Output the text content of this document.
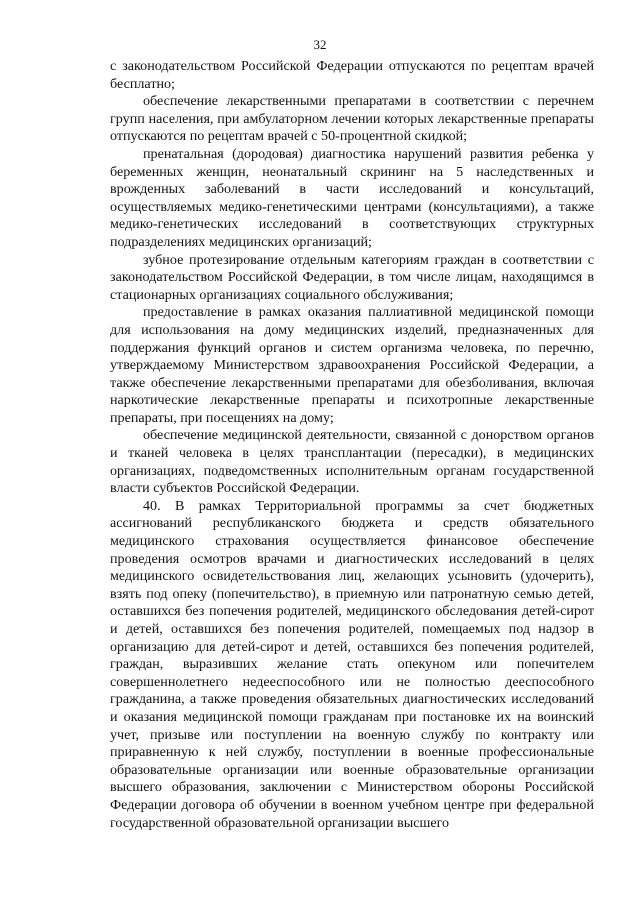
32

с законодательством Российской Федерации отпускаются по рецептам врачей бесплатно;

обеспечение лекарственными препаратами в соответствии с перечнем групп населения, при амбулаторном лечении которых лекарственные препараты отпускаются по рецептам врачей с 50-процентной скидкой;

пренатальная (дородовая) диагностика нарушений развития ребенка у беременных женщин, неонатальный скрининг на 5 наследственных и врожденных заболеваний в части исследований и консультаций, осуществляемых медико-генетическими центрами (консультациями), а также медико-генетических исследований в соответствующих структурных подразделениях медицинских организаций;

зубное протезирование отдельным категориям граждан в соответствии с законодательством Российской Федерации, в том числе лицам, находящимся в стационарных организациях социального обслуживания;

предоставление в рамках оказания паллиативной медицинской помощи для использования на дому медицинских изделий, предназначенных для поддержания функций органов и систем организма человека, по перечню, утверждаемому Министерством здравоохранения Российской Федерации, а также обеспечение лекарственными препаратами для обезболивания, включая наркотические лекарственные препараты и психотропные лекарственные препараты, при посещениях на дому;

обеспечение медицинской деятельности, связанной с донорством органов и тканей человека в целях трансплантации (пересадки), в медицинских организациях, подведомственных исполнительным органам государственной власти субъектов Российской Федерации.

40. В рамках Территориальной программы за счет бюджетных ассигнований республиканского бюджета и средств обязательного медицинского страхования осуществляется финансовое обеспечение проведения осмотров врачами и диагностических исследований в целях медицинского освидетельствования лиц, желающих усыновить (удочерить), взять под опеку (попечительство), в приемную или патронатную семью детей, оставшихся без попечения родителей, медицинского обследования детей-сирот и детей, оставшихся без попечения родителей, помещаемых под надзор в организацию для детей-сирот и детей, оставшихся без попечения родителей, граждан, выразивших желание стать опекуном или попечителем совершеннолетнего недееспособного или не полностью дееспособного гражданина, а также проведения обязательных диагностических исследований и оказания медицинской помощи гражданам при постановке их на воинский учет, призыве или поступлении на военную службу по контракту или приравненную к ней службу, поступлении в военные профессиональные образовательные организации или военные образовательные организации высшего образования, заключении с Министерством обороны Российской Федерации договора об обучении в военном учебном центре при федеральной государственной образовательной организации высшего
